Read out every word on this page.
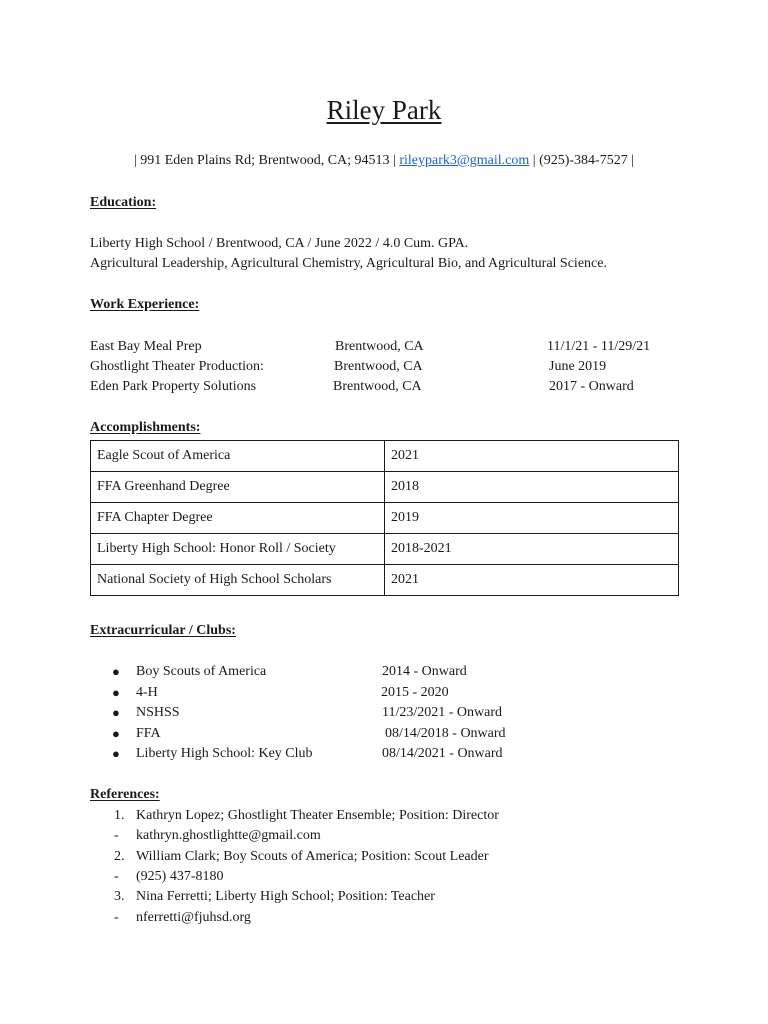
Riley Park
| 991 Eden Plains Rd; Brentwood, CA; 94513 | rileypark3@gmail.com | (925)-384-7527 |
Education:
Liberty High School / Brentwood, CA / June 2022 / 4.0 Cum. GPA.
Agricultural Leadership, Agricultural Chemistry, Agricultural Bio, and Agricultural Science.
Work Experience:
East Bay Meal Prep	Brentwood, CA	11/1/21 - 11/29/21
Ghostlight Theater Production:	Brentwood, CA	June 2019
Eden Park Property Solutions	Brentwood, CA	2017 - Onward
Accomplishments:
Eagle Scout of America	2021
FFA Greenhand Degree	2018
FFA Chapter Degree	2019
Liberty High School: Honor Roll / Society	2018-2021
National Society of High School Scholars	2021
Extracurricular / Clubs:
● Boy Scouts of America	2014 - Onward
● 4-H	2015 - 2020
● NSHSS	11/23/2021 - Onward
● FFA	08/14/2018 - Onward
● Liberty High School: Key Club	08/14/2021 - Onward
References:
1. Kathryn Lopez; Ghostlight Theater Ensemble; Position: Director
- kathryn.ghostlightte@gmail.com
2. William Clark; Boy Scouts of America; Position: Scout Leader
- (925) 437-8180
3. Nina Ferretti; Liberty High School; Position: Teacher
- nferretti@fjuhsd.org
